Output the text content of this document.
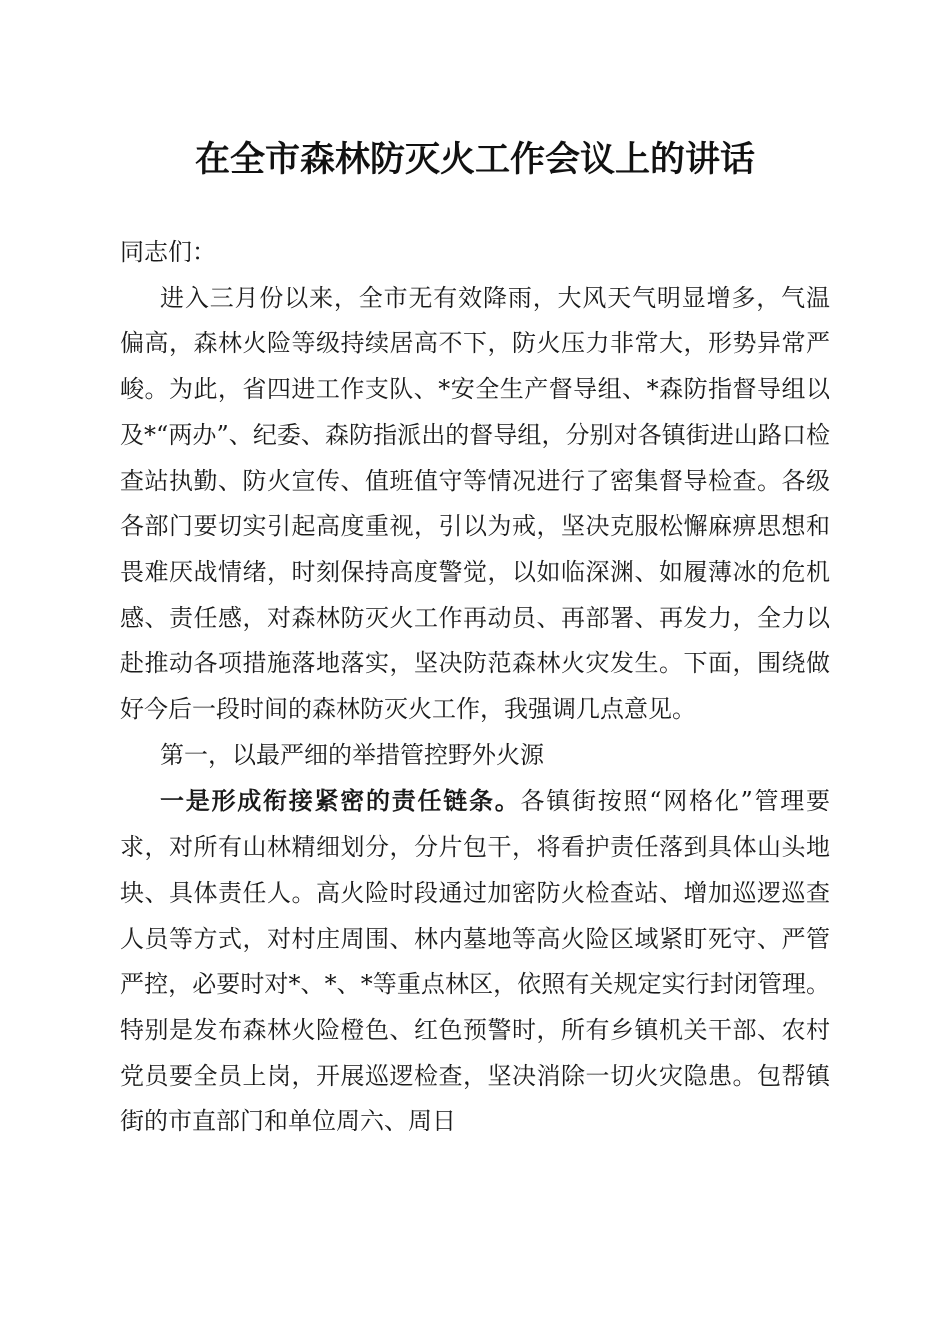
在全市森林防灭火工作会议上的讲话

同志们：

进入三月份以来，全市无有效降雨，大风天气明显增多，气温偏高，森林火险等级持续居高不下，防火压力非常大，形势异常严峻。为此，省四进工作支队、*安全生产督导组、*森防指督导组以及*“两办”、纪委、森防指派出的督导组，分别对各镇街进山路口检查站执勤、防火宣传、值班值守等情况进行了密集督导检查。各级各部门要切实引起高度重视，引以为戒，坚决克服松懈麻痹思想和畏难厌战情绪，时刻保持高度警觉，以如临深渊、如履薄冰的危机感、责任感，对森林防灭火工作再动员、再部署、再发力，全力以赴推动各项措施落地落实，坚决防范森林火灾发生。下面，围绕做好今后一段时间的森林防灭火工作，我强调几点意见。

第一，以最严细的举措管控野外火源

一是形成衔接紧密的责任链条。各镇街按照“网格化”管理要求，对所有山林精细划分，分片包干，将看护责任落到具体山头地块、具体责任人。高火险时段通过加密防火检查站、增加巡逻巡查人员等方式，对村庄周围、林内墓地等高火险区域紧盯死守、严管严控，必要时对*、*、*等重点林区，依照有关规定实行封闭管理。特别是发布森林火险橙色、红色预警时，所有乡镇机关干部、农村党员要全员上岗，开展巡逻检查，坚决消除一切火灾隐患。包帮镇街的市直部门和单位周六、周日
